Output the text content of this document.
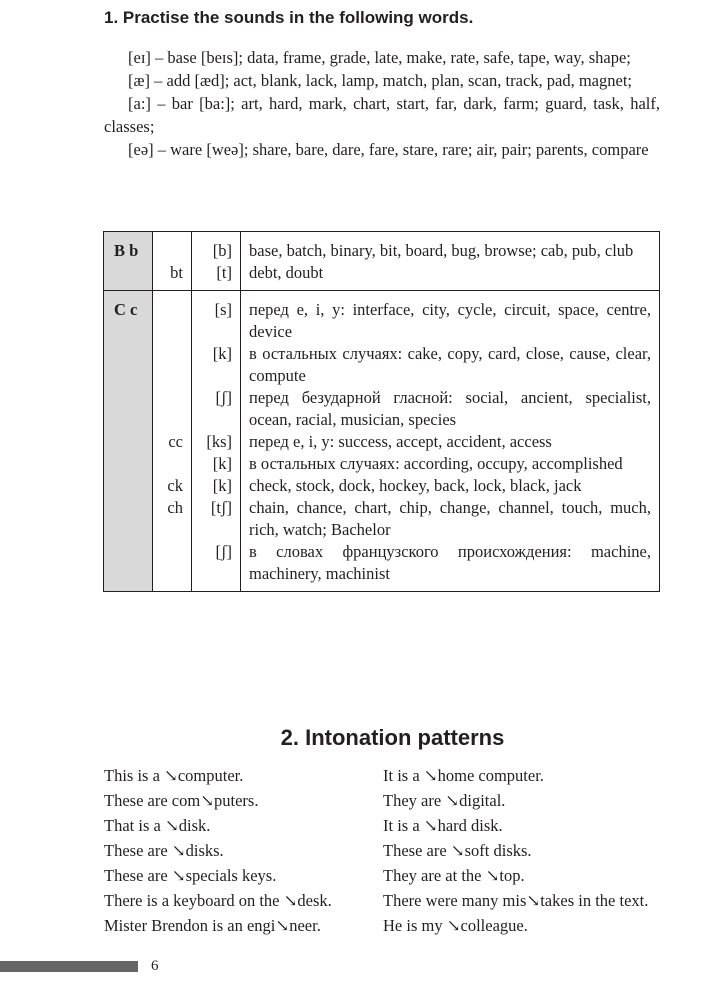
1. Practise the sounds in the following words.

[eɪ] – base [beɪs]; data, frame, grade, late, make, rate, safe, tape, way, shape;

[æ] – add [æd]; act, blank, lack, lamp, match, plan, scan, track, pad, magnet;

[a:] – bar [ba:]; art, hard, mark, chart, start, far, dark, farm; guard, task, half, classes;

[eə] – ware [weə]; share, bare, dare, fare, stare, rare; air, pair; parents, compare

B b		[b]	base, batch, binary, bit, board, bug, browse; cab, pub, club
	bt	[t]	debt, doubt
C c		[s]	перед e, i, y: interface, city, cycle, circuit, space, centre, device
		[k]	в остальных случаях: cake, copy, card, close, cause, clear, compute
		[ʃ]	перед безударной гласной: social, ancient, specialist, ocean, racial, musician, species
	cc	[ks]	перед e, i, y: success, accept, accident, access
		[k]	в остальных случаях: according, occupy, accomplished
	ck	[k]	check, stock, dock, hockey, back, lock, black, jack
	ch	[tʃ]	chain, chance, chart, chip, change, channel, touch, much, rich, watch; Bachelor
		[ʃ]	в словах французского происхождения: machine, machinery, machinist
2. Intonation patterns
This is a ↘computer.
These are com↘puters.
That is a ↘disk.
These are ↘disks.
These are ↘specials keys.
There is a keyboard on the ↘desk.
Mister Brendon is an engi↘neer.
It is a ↘home computer.
They are ↘digital.
It is a ↘hard disk.
These are ↘soft disks.
They are at the ↘top.
There were many mis↘takes in the text.
He is my ↘colleague.
6
